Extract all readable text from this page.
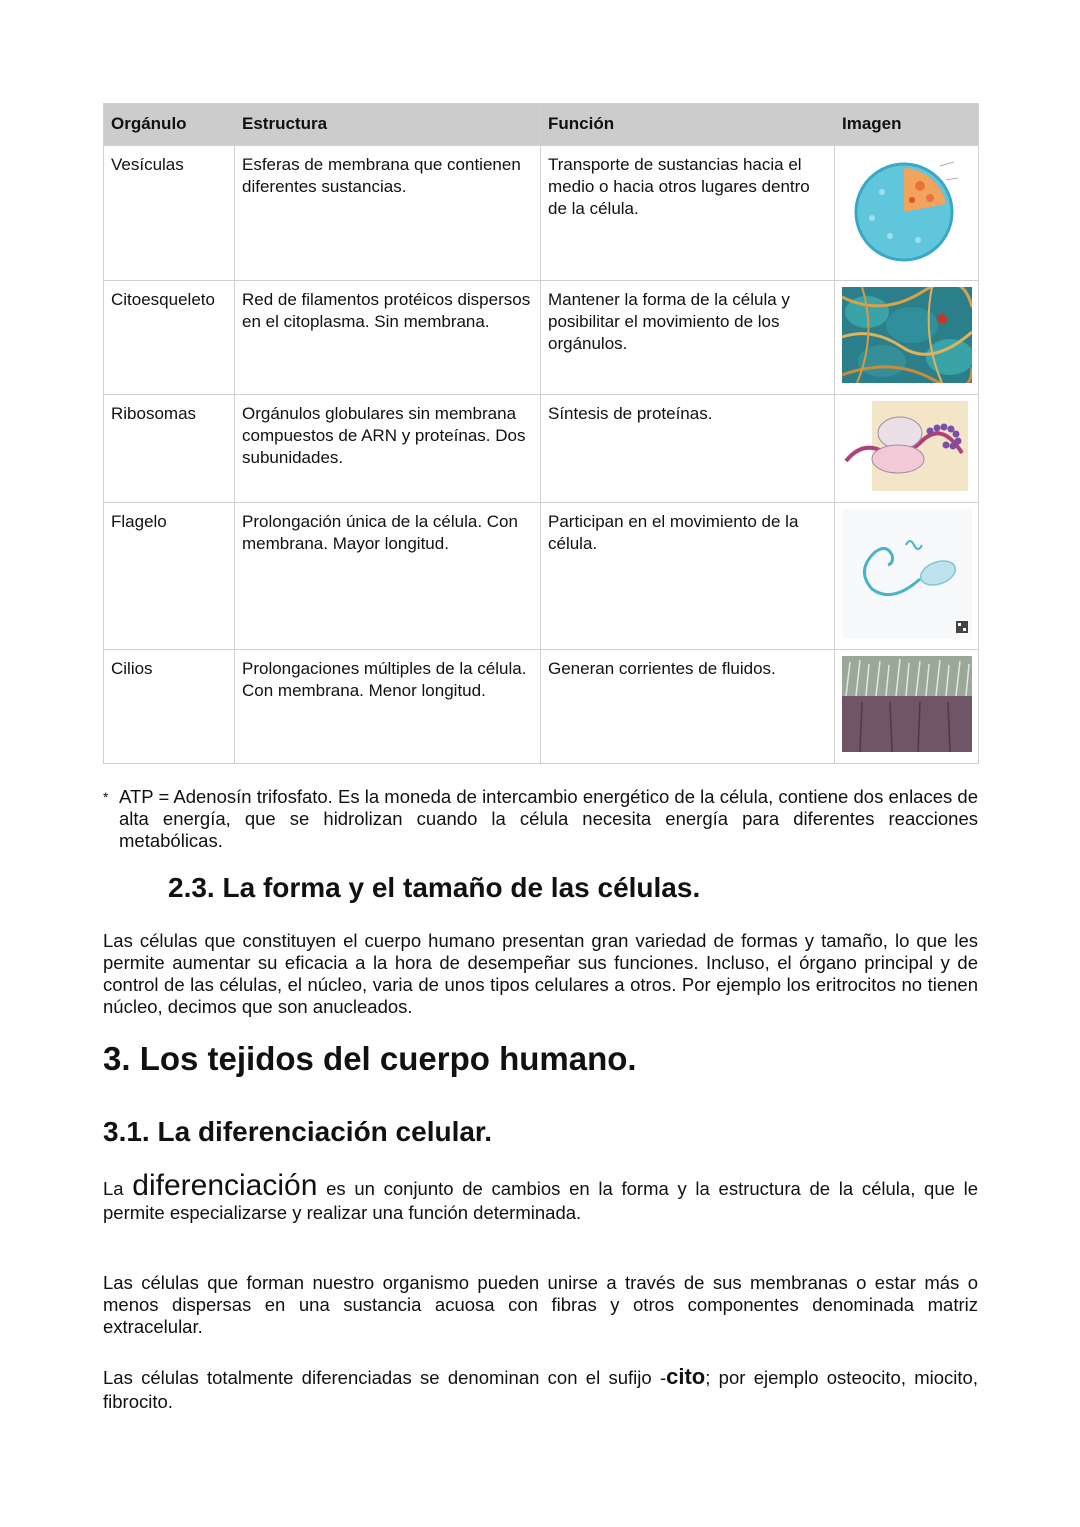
Orgánulo	Estructura	Función	Imagen
Vesículas	Esferas de membrana que contienen diferentes sustancias.	Transporte de sustancias hacia el medio o hacia otros lugares dentro de la célula.	

Citoesqueleto	Red de filamentos protéicos dispersos en el citoplasma. Sin membrana.	Mantener la forma de la célula y posibilitar el movimiento de los orgánulos.	

Ribosomas	Orgánulos globulares sin membrana compuestos de ARN y proteínas. Dos subunidades.	Síntesis de proteínas.	

Flagelo	Prolongación única de la célula. Con membrana. Mayor longitud.	Participan en el movimiento de la célula.	

Cilios	Prolongaciones múltiples de la célula. Con membrana. Menor longitud.	Generan corrientes de fluidos.	
* ATP = Adenosín trifosfato. Es la moneda de intercambio energético de la célula, contiene dos enlaces de alta energía, que se hidrolizan cuando la célula necesita energía para diferentes reacciones metabólicas.
2.3. La forma y el tamaño de las células.

Las células que constituyen el cuerpo humano presentan gran variedad de formas y tamaño, lo que les permite aumentar su eficacia a la hora de desempeñar sus funciones. Incluso, el órgano principal y de control de las células, el núcleo, varia de unos tipos celulares a otros. Por ejemplo los eritrocitos no tienen núcleo, decimos que son anucleados.

3. Los tejidos del cuerpo humano.
3.1. La diferenciación celular.

La diferenciación es un conjunto de cambios en la forma y la estructura de la célula, que le permite especializarse y realizar una función determinada.

Las células que forman nuestro organismo pueden unirse a través de sus membranas o estar más o menos dispersas en una sustancia acuosa con fibras y otros componentes denominada matriz extracelular.

Las células totalmente diferenciadas se denominan con el sufijo -cito; por ejemplo osteocito, miocito, fibrocito.
